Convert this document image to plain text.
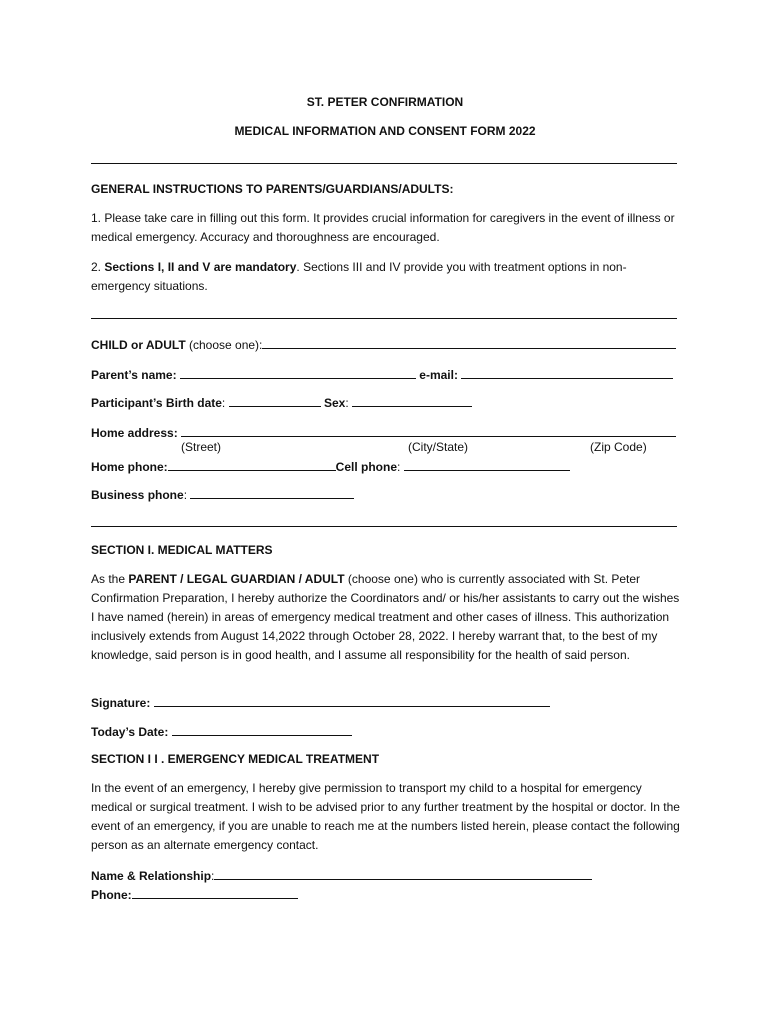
ST. PETER CONFIRMATION
MEDICAL INFORMATION AND CONSENT FORM 2022
GENERAL INSTRUCTIONS TO PARENTS/GUARDIANS/ADULTS:
1. Please take care in filling out this form. It provides crucial information for caregivers in the event of illness or medical emergency. Accuracy and thoroughness are encouraged.
2. Sections I, II and V are mandatory. Sections III and IV provide you with treatment options in non-emergency situations.
CHILD or ADULT (choose one):
Parent’s name:	e-mail:
Participant’s Birth date:	Sex:
Home address:
(Street)	(City/State)	(Zip Code)
Home phone:	Cell phone:
Business phone:
SECTION I. MEDICAL MATTERS
As the PARENT / LEGAL GUARDIAN / ADULT (choose one) who is currently associated with St. Peter Confirmation Preparation, I hereby authorize the Coordinators and/ or his/her assistants to carry out the wishes I have named (herein) in areas of emergency medical treatment and other cases of illness. This authorization inclusively extends from August 14,2022 through October 28, 2022. I hereby warrant that, to the best of my knowledge, said person is in good health, and I assume all responsibility for the health of said person.
Signature:
Today’s Date:
SECTION I I . EMERGENCY MEDICAL TREATMENT
In the event of an emergency, I hereby give permission to transport my child to a hospital for emergency medical or surgical treatment. I wish to be advised prior to any further treatment by the hospital or doctor. In the event of an emergency, if you are unable to reach me at the numbers listed herein, please contact the following person as an alternate emergency contact.
Name & Relationship:
Phone:
